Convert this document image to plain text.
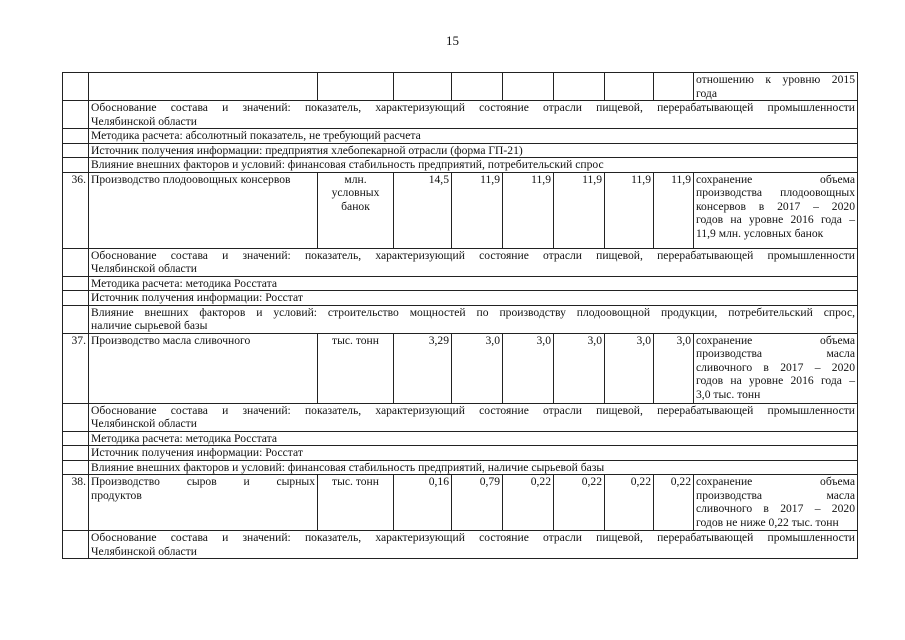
15

									отношению к уровню 2015
года

	Обоснование состава и значений: показатель, характеризующий состояние отрасли пищевой, перерабатывающей промышленности
Челябинской области								

	Методика расчета: абсолютный показатель, не требующий расчета								
	Источник получения информации: предприятия хлебопекарной отрасли (форма ГП-21)								
	Влияние внешних факторов и условий: финансовая стабильность предприятий, потребительский спрос								
36.	Производство плодоовощных консервов	млн.
условных
банок	14,5	11,9	11,9	11,9	11,9	11,9	сохранение объема
производства плодоовощных
консервов в 2017 – 2020
годов на уровне 2016 года –
11,9 млн. условных банок

	Обоснование состава и значений: показатель, характеризующий состояние отрасли пищевой, перерабатывающей промышленности
Челябинской области								

	Методика расчета: методика Росстата								
	Источник получения информации: Росстат								

	Влияние внешних факторов и условий: строительство мощностей по производству плодоовощной продукции, потребительский спрос,
наличие сырьевой базы								

37.	Производство масла сливочного	тыс. тонн	3,29	3,0	3,0	3,0	3,0	3,0	сохранение объема
производства масла
сливочного в 2017 – 2020
годов на уровне 2016 года –
3,0 тыс. тонн

	Обоснование состава и значений: показатель, характеризующий состояние отрасли пищевой, перерабатывающей промышленности
Челябинской области								

	Методика расчета: методика Росстата								
	Источник получения информации: Росстат								
	Влияние внешних факторов и условий: финансовая стабильность предприятий, наличие сырьевой базы								
38.	Производство сыров и сырных
продуктов	тыс. тонн	0,16	0,79	0,22	0,22	0,22	0,22	сохранение объема
производства масла
сливочного в 2017 – 2020
годов не ниже 0,22 тыс. тонн

	Обоснование состава и значений: показатель, характеризующий состояние отрасли пищевой, перерабатывающей промышленности
Челябинской области								
